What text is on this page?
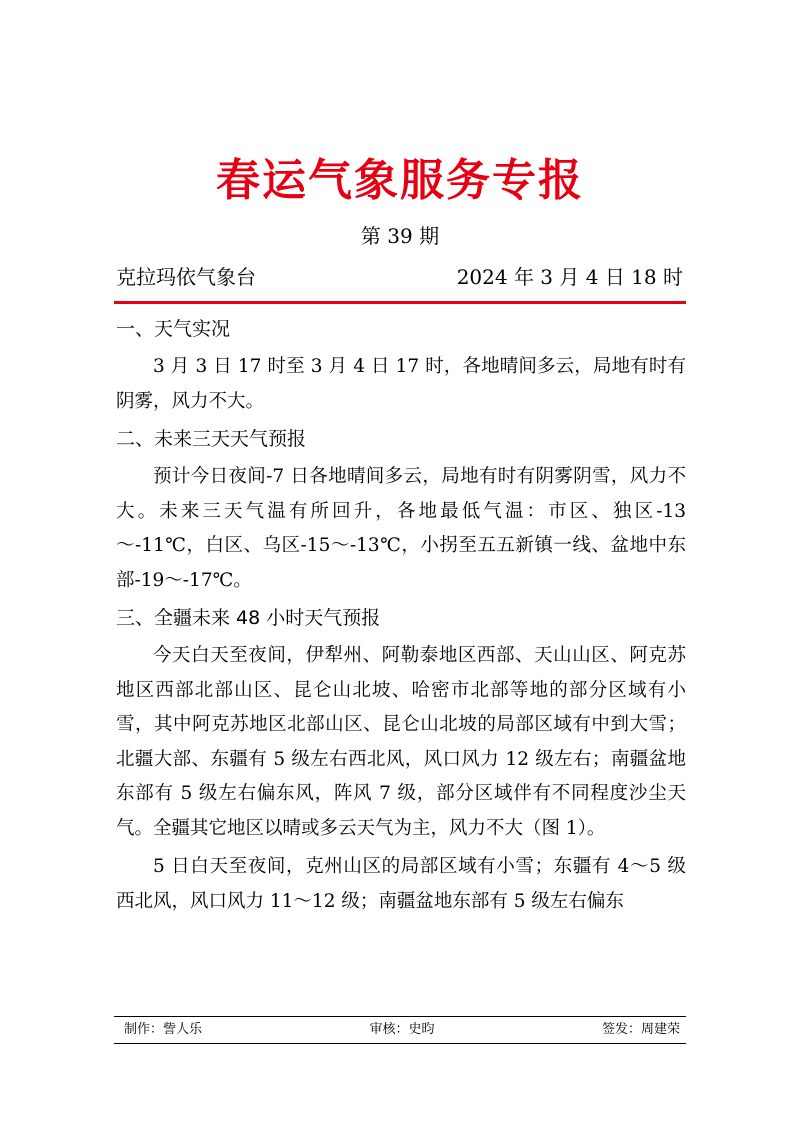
春运气象服务专报
第 39 期
克拉玛依气象台	2024 年 3 月 4 日 18 时
一、天气实况

3 月 3 日 17 时至 3 月 4 日 17 时，各地晴间多云，局地有时有阴雾，风力不大。

二、未来三天天气预报

预计今日夜间-7 日各地晴间多云，局地有时有阴雾阴雪，风力不大。未来三天气温有所回升，各地最低气温：市区、独区-13～-11℃，白区、乌区-15～-13℃，小拐至五五新镇一线、盆地中东部-19～-17℃。

三、全疆未来 48 小时天气预报

今天白天至夜间，伊犁州、阿勒泰地区西部、天山山区、阿克苏地区西部北部山区、昆仑山北坡、哈密市北部等地的部分区域有小雪，其中阿克苏地区北部山区、昆仑山北坡的局部区域有中到大雪；北疆大部、东疆有 5 级左右西北风，风口风力 12 级左右；南疆盆地东部有 5 级左右偏东风，阵风 7 级，部分区域伴有不同程度沙尘天气。全疆其它地区以晴或多云天气为主，风力不大（图 1）。

5 日白天至夜间，克州山区的局部区域有小雪；东疆有 4～5 级西北风，风口风力 11～12 级；南疆盆地东部有 5 级左右偏东

制作：訾人乐	审核：史昀	签发：周建荣
